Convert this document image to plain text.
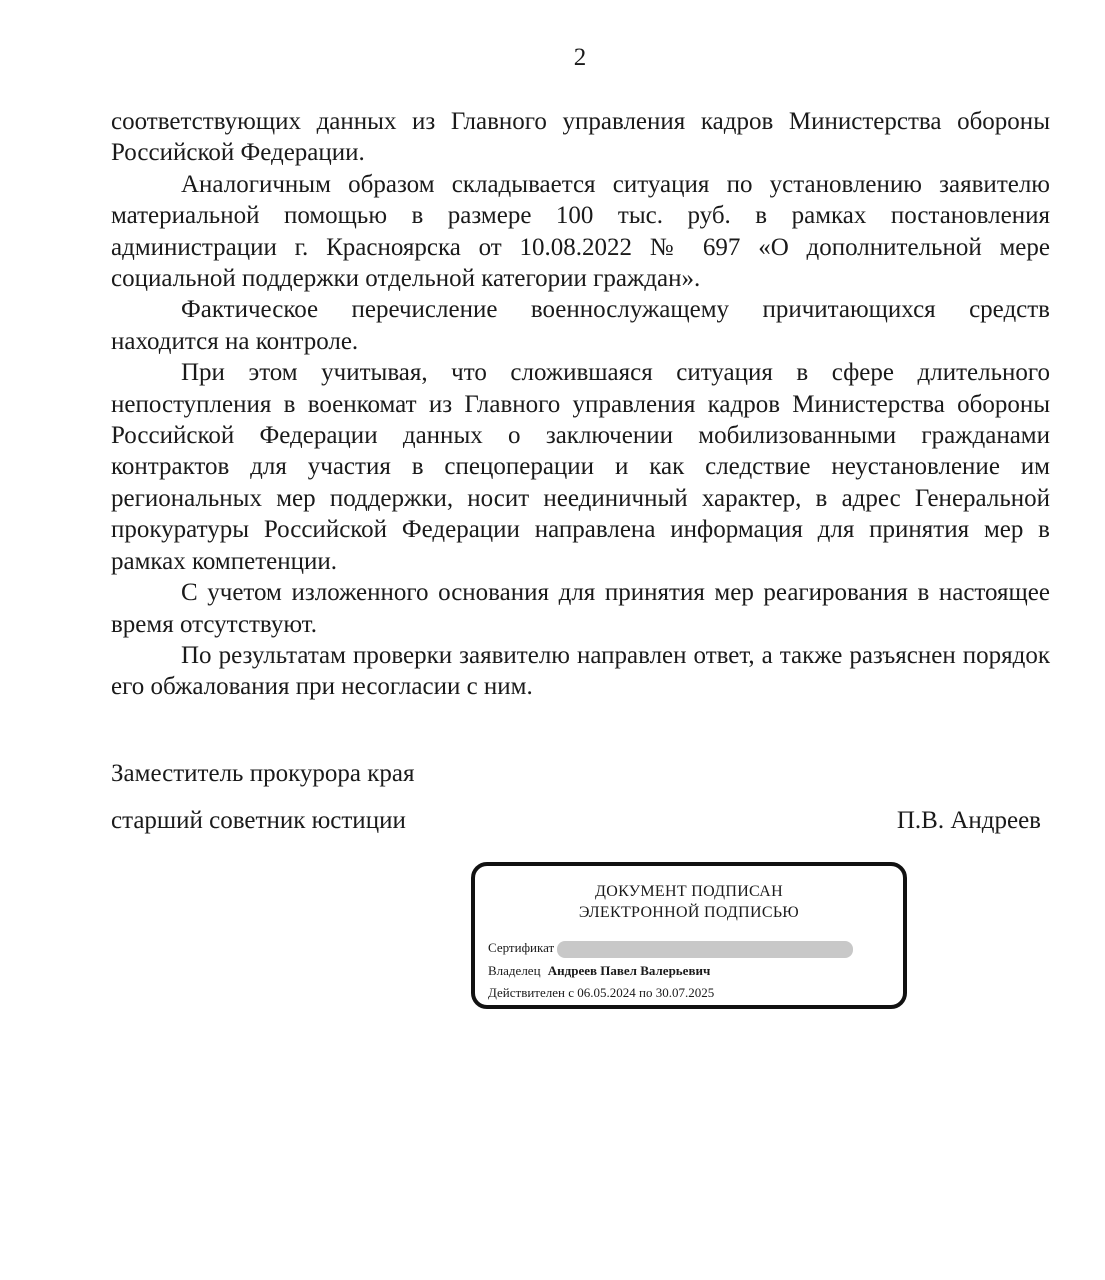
2

соответствующих данных из Главного управления кадров Министерства обороны Российской Федерации.

Аналогичным образом складывается ситуация по установлению заявителю материальной помощью в размере 100 тыс. руб. в рамках постановления администрации г. Красноярска от 10.08.2022 № 697 «О дополнительной мере социальной поддержки отдельной категории граждан».

Фактическое перечисление военнослужащему причитающихся средств находится на контроле.

При этом учитывая, что сложившаяся ситуация в сфере длительного непоступления в военкомат из Главного управления кадров Министерства обороны Российской Федерации данных о заключении мобилизованными гражданами контрактов для участия в спецоперации и как следствие неустановление им региональных мер поддержки, носит неединичный характер, в адрес Генеральной прокуратуры Российской Федерации направлена информация для принятия мер в рамках компетенции.

С учетом изложенного основания для принятия мер реагирования в настоящее время отсутствуют.

По результатам проверки заявителю направлен ответ, а также разъяснен порядок его обжалования при несогласии с ним.

Заместитель прокурора края
старший советник юстиции	П.В. Андреев
ДОКУМЕНТ ПОДПИСАН
ЭЛЕКТРОННОЙ ПОДПИСЬЮ
Сертификат
Владелец Андреев Павел Валерьевич
Действителен с 06.05.2024 по 30.07.2025
